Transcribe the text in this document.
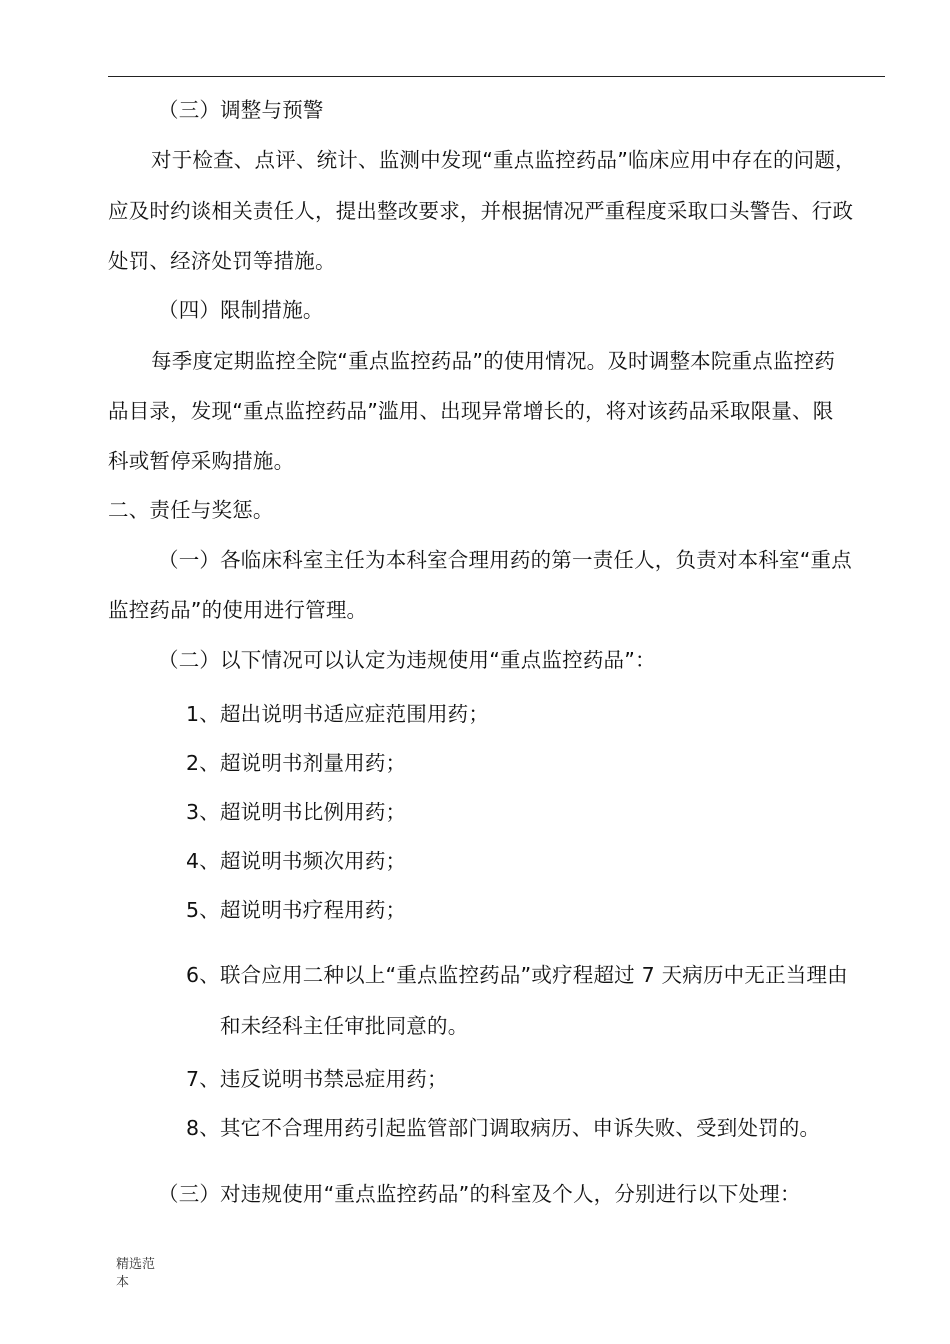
（三）调整与预警
对于检查、点评、统计、监测中发现“重点监控药品”临床应用中存在的问题，
应及时约谈相关责任人，提出整改要求，并根据情况严重程度采取口头警告、行政
处罚、经济处罚等措施。
（四）限制措施。
每季度定期监控全院“重点监控药品”的使用情况。及时调整本院重点监控药
品目录，发现“重点监控药品”滥用、出现异常增长的，将对该药品采取限量、限
科或暂停采购措施。
二、责任与奖惩。
（一）各临床科室主任为本科室合理用药的第一责任人，负责对本科室“重点
监控药品”的使用进行管理。
（二）以下情况可以认定为违规使用“重点监控药品”：
1、超出说明书适应症范围用药；
2、超说明书剂量用药；
3、超说明书比例用药；
4、超说明书频次用药；
5、超说明书疗程用药；
6、联合应用二种以上“重点监控药品”或疗程超过 7 天病历中无正当理由
和未经科主任审批同意的。
7、违反说明书禁忌症用药；
8、其它不合理用药引起监管部门调取病历、申诉失败、受到处罚的。
（三）对违规使用“重点监控药品”的科室及个人，分别进行以下处理：
精选范
本
